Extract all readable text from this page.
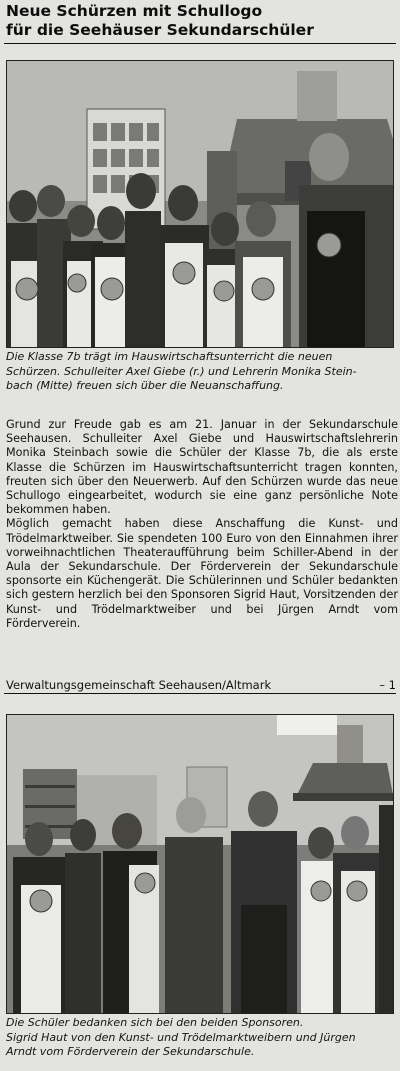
Neue Schürzen mit Schullogo
für die Seehäuser Sekundarschüler

Die Klasse 7b trägt im Hauswirtschaftsunterricht die neuen
Schürzen. Schulleiter Axel Giebe (r.) und Lehrerin Monika Stein-
bach (Mitte) freuen sich über die Neuanschaffung.

Grund zur Freude gab es am 21. Januar in der Sekundarschule Seehausen. Schulleiter Axel Giebe und Hauswirtschaftslehrerin Monika Steinbach sowie die Schüler der Klasse 7b, die als erste Klasse die Schürzen im Hauswirtschaftsunterricht tragen konnten, freuten sich über den Neuerwerb. Auf den Schürzen wurde das neue Schullogo eingearbeitet, wodurch sie eine ganz persönliche Note bekommen haben.

Möglich gemacht haben diese Anschaffung die Kunst- und Trödelmarktweiber. Sie spendeten 100 Euro von den Einnahmen ihrer vorweihnachtlichen Theateraufführung beim Schiller-Abend in der Aula der Sekundarschule. Der Förderverein der Sekundarschule sponsorte ein Küchengerät. Die Schülerinnen und Schüler bedankten sich gestern herzlich bei den Sponsoren Sigrid Haut, Vorsitzenden der Kunst- und Trödelmarktweiber und bei Jürgen Arndt vom Förderverein.

Verwaltungsgemeinschaft Seehausen/Altmark	– 1

Die Schüler bedanken sich bei den beiden Sponsoren.
Sigrid Haut von den Kunst- und Trödelmarktweibern und Jürgen
Arndt vom Förderverein der Sekundarschule.
